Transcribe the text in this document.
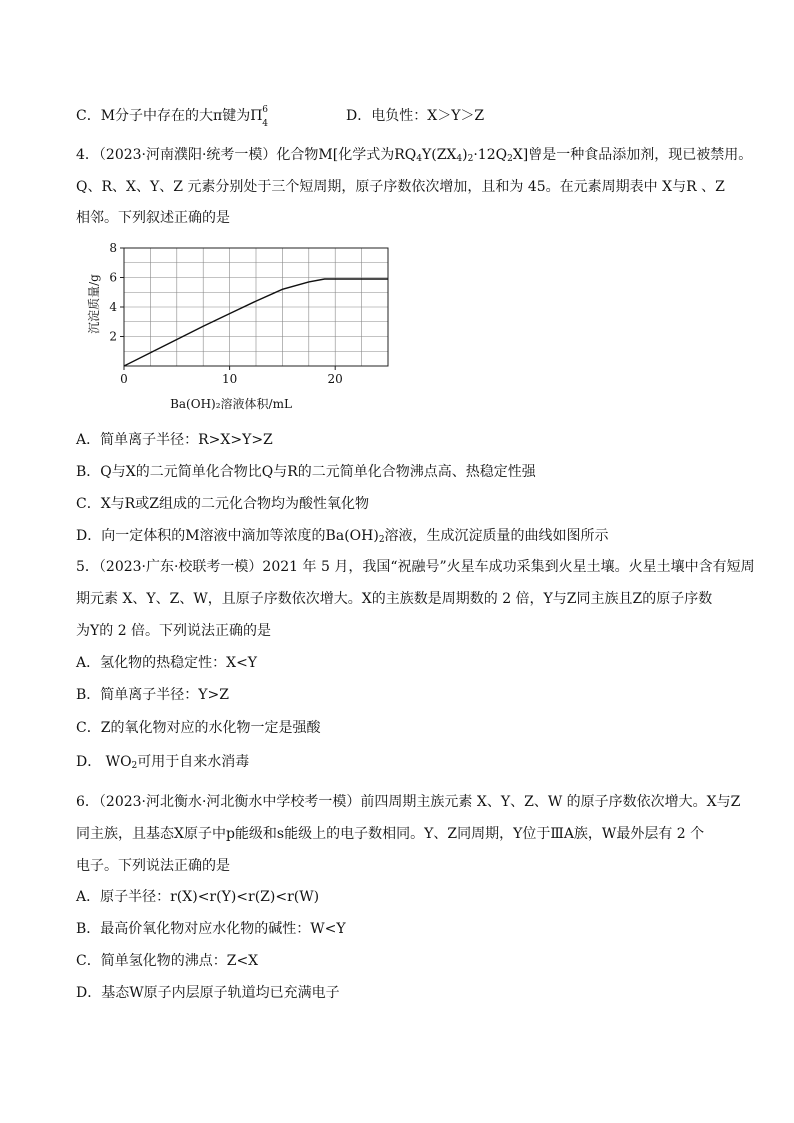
C．M分子中存在的大π键为 Π 6
4	D．电负性：X＞Y＞Z
4．（2023·河南濮阳·统考一模）化合物M[化学式为$RQ_4Y(ZX_4)_2\cdot 12Q_2X$]曾是一种食品添加剂，现已被禁用。
Q、R、X、Y、Z 元素分别处于三个短周期，原子序数依次增加，且和为 45。在元素周期表中 X与R 、Z
相邻。下列叙述正确的是
0	10	20
2
4
6
8
沉淀质量/g
Ba(OH)₂溶液体积/mL
A．简单离子半径：R>X>Y>Z
B．Q与X的二元简单化合物比Q与R的二元简单化合物沸点高、热稳定性强
C．X与R或Z组成的二元化合物均为酸性氧化物
D．向一定体积的M溶液中滴加等浓度的$Ba(OH)_2$溶液，生成沉淀质量的曲线如图所示
5．（2023·广东·校联考一模）2021 年 5 月，我国“祝融号”火星车成功采集到火星土壤。火星土壤中含有短周
期元素 X、Y、Z、W，且原子序数依次增大。X的主族数是周期数的 2 倍，Y与Z同主族且Z的原子序数
为Y的 2 倍。下列说法正确的是
A．氢化物的热稳定性：X<Y
B．简单离子半径：Y>Z
C．Z的氧化物对应的水化物一定是强酸
D． $WO_2$可用于自来水消毒
6．（2023·河北衡水·河北衡水中学校考一模）前四周期主族元素 X、Y、Z、W 的原子序数依次增大。X与Z
同主族，且基态X原子中p能级和s能级上的电子数相同。Y、Z同周期，Y位于ⅢA族，W最外层有 2 个
电子。下列说法正确的是
A．原子半径：r(X)<r(Y)<r(Z)<r(W)
B．最高价氧化物对应水化物的碱性：W<Y
C．简单氢化物的沸点：Z<X
D．基态W原子内层原子轨道均已充满电子
